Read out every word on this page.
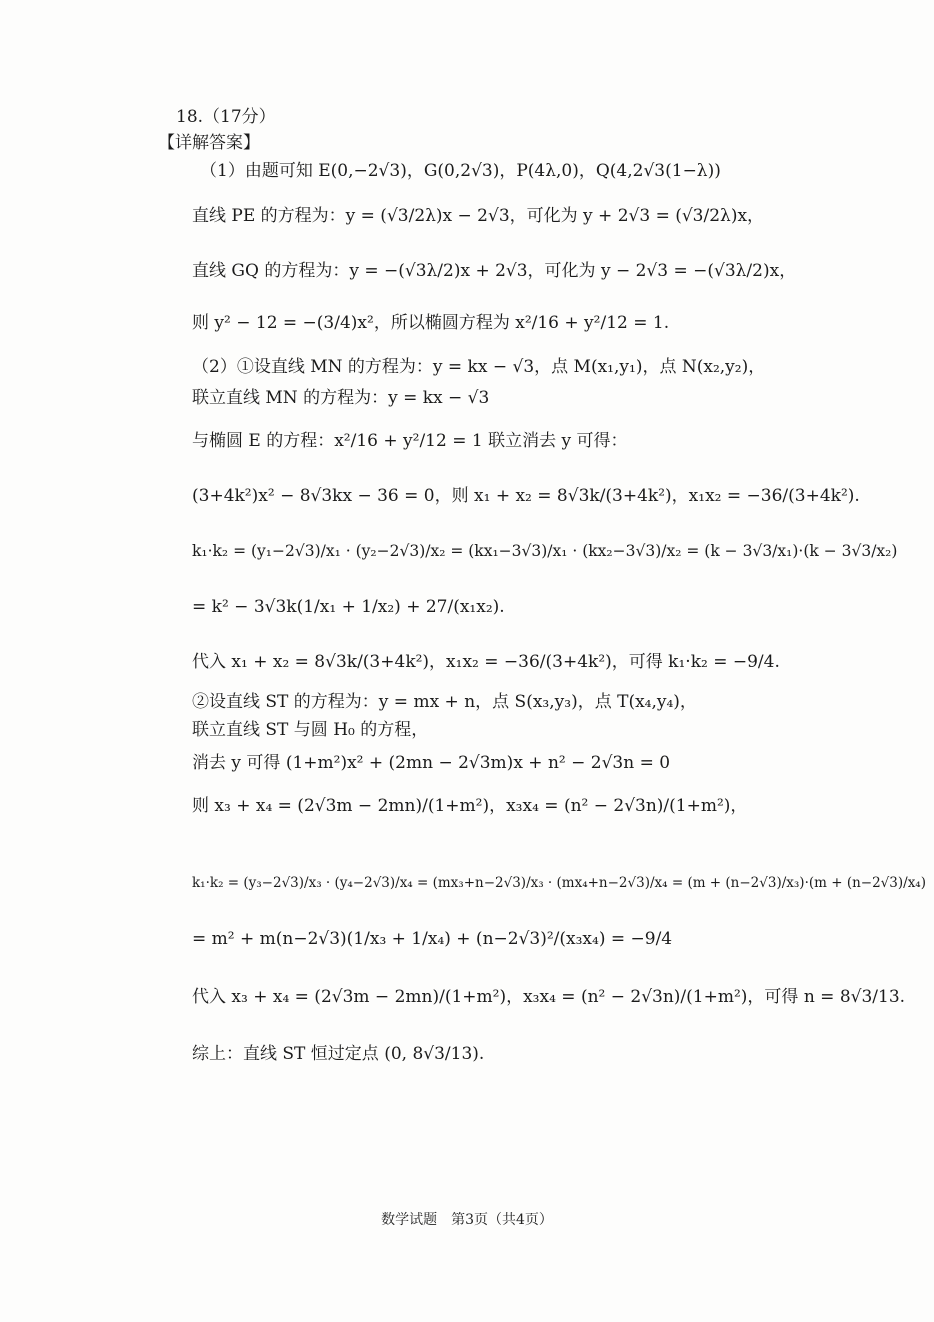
18.（17分）
【详解答案】
（1）由题可知 E(0,−2√3)，G(0,2√3)，P(4λ,0)，Q(4,2√3(1−λ))
直线 PE 的方程为：y = (√3/2λ)x − 2√3，可化为 y + 2√3 = (√3/2λ)x，
直线 GQ 的方程为：y = −(√3λ/2)x + 2√3，可化为 y − 2√3 = −(√3λ/2)x，
则 y² − 12 = −(3/4)x²，所以椭圆方程为 x²/16 + y²/12 = 1.
（2）①设直线 MN 的方程为：y = kx − √3，点 M(x₁,y₁)，点 N(x₂,y₂)，
联立直线 MN 的方程为：y = kx − √3
与椭圆 E 的方程：x²/16 + y²/12 = 1 联立消去 y 可得：
(3+4k²)x² − 8√3kx − 36 = 0，则 x₁ + x₂ = 8√3k/(3+4k²)，x₁x₂ = −36/(3+4k²).
k₁·k₂ = (y₁−2√3)/x₁ · (y₂−2√3)/x₂ = (kx₁−3√3)/x₁ · (kx₂−3√3)/x₂ = (k − 3√3/x₁)·(k − 3√3/x₂)
= k² − 3√3k(1/x₁ + 1/x₂) + 27/(x₁x₂).
代入 x₁ + x₂ = 8√3k/(3+4k²)，x₁x₂ = −36/(3+4k²)，可得 k₁·k₂ = −9/4.
②设直线 ST 的方程为：y = mx + n，点 S(x₃,y₃)，点 T(x₄,y₄)，
联立直线 ST 与圆 H₀ 的方程，
消去 y 可得 (1+m²)x² + (2mn − 2√3m)x + n² − 2√3n = 0
则 x₃ + x₄ = (2√3m − 2mn)/(1+m²)，x₃x₄ = (n² − 2√3n)/(1+m²)，
k₁·k₂ = (y₃−2√3)/x₃ · (y₄−2√3)/x₄ = (mx₃+n−2√3)/x₃ · (mx₄+n−2√3)/x₄ = (m + (n−2√3)/x₃)·(m + (n−2√3)/x₄)
= m² + m(n−2√3)(1/x₃ + 1/x₄) + (n−2√3)²/(x₃x₄) = −9/4
代入 x₃ + x₄ = (2√3m − 2mn)/(1+m²)，x₃x₄ = (n² − 2√3n)/(1+m²)，可得 n = 8√3/13.
综上：直线 ST 恒过定点 (0, 8√3/13).
数学试题　第3页（共4页）
